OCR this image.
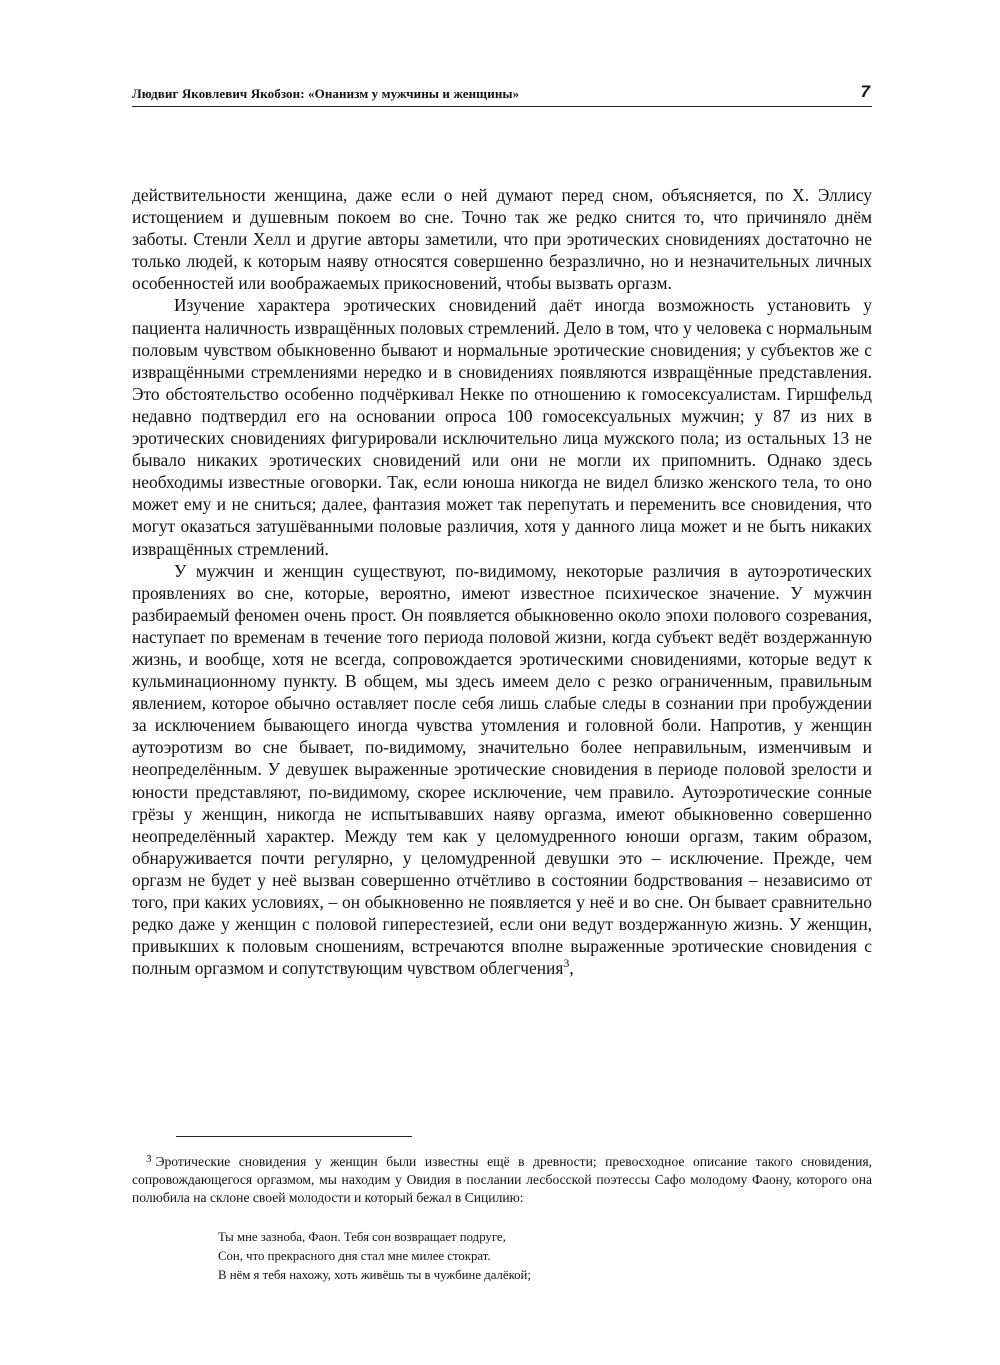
Людвиг Яковлевич Якобзон: «Онанизм у мужчины и женщины»	7

действительности женщина, даже если о ней думают перед сном, объясняется, по Х. Эллису истощением и душевным покоем во сне. Точно так же редко снится то, что причиняло днём заботы. Стенли Хелл и другие авторы заметили, что при эротических сновидениях достаточно не только людей, к которым наяву относятся совершенно безразлично, но и незначительных личных особенностей или воображаемых прикосновений, чтобы вызвать оргазм.

Изучение характера эротических сновидений даёт иногда возможность установить у пациента наличность извращённых половых стремлений. Дело в том, что у человека с нормальным половым чувством обыкновенно бывают и нормальные эротические сновидения; у субъектов же с извращёнными стремлениями нередко и в сновидениях появляются извращённые представления. Это обстоятельство особенно подчёркивал Некке по отношению к гомосексуалистам. Гиршфельд недавно подтвердил его на основании опроса 100 гомосексуальных мужчин; у 87 из них в эротических сновидениях фигурировали исключительно лица мужского пола; из остальных 13 не бывало никаких эротических сновидений или они не могли их припомнить. Однако здесь необходимы известные оговорки. Так, если юноша никогда не видел близко женского тела, то оно может ему и не сниться; далее, фантазия может так перепутать и переменить все сновидения, что могут оказаться затушёванными половые различия, хотя у данного лица может и не быть никаких извращённых стремлений.

У мужчин и женщин существуют, по-видимому, некоторые различия в аутоэротических проявлениях во сне, которые, вероятно, имеют известное психическое значение. У мужчин разбираемый феномен очень прост. Он появляется обыкновенно около эпохи полового созревания, наступает по временам в течение того периода половой жизни, когда субъект ведёт воздержанную жизнь, и вообще, хотя не всегда, сопровождается эротическими сновидениями, которые ведут к кульминационному пункту. В общем, мы здесь имеем дело с резко ограниченным, правильным явлением, которое обычно оставляет после себя лишь слабые следы в сознании при пробуждении за исключением бывающего иногда чувства утомления и головной боли. Напротив, у женщин аутоэротизм во сне бывает, по-видимому, значительно более неправильным, изменчивым и неопределённым. У девушек выраженные эротические сновидения в периоде половой зрелости и юности представляют, по-видимому, скорее исключение, чем правило. Аутоэротические сонные грёзы у женщин, никогда не испытывавших наяву оргазма, имеют обыкновенно совершенно неопределённый характер. Между тем как у целомудренного юноши оргазм, таким образом, обнаруживается почти регулярно, у целомудренной девушки это – исключение. Прежде, чем оргазм не будет у неё вызван совершенно отчётливо в состоянии бодрствования – независимо от того, при каких условиях, – он обыкновенно не появляется у неё и во сне. Он бывает сравнительно редко даже у женщин с половой гиперестезией, если они ведут воздержанную жизнь. У женщин, привыкших к половым сношениям, встречаются вполне выраженные эротические сновидения с полным оргазмом и сопутствующим чувством облегчения$^3$,

$^3$ Эротические сновидения у женщин были известны ещё в древности; превосходное описание такого сновидения, сопровождающегося оргазмом, мы находим у Овидия в послании лесбосской поэтессы Сафо молодому Фаону, которого она полюбила на склоне своей молодости и который бежал в Сицилию:
Ты мне зазноба, Фаон. Тебя сон возвращает подруге,
Сон, что прекрасного дня стал мне милее стократ.
В нём я тебя нахожу, хоть живёшь ты в чужбине далёкой;
